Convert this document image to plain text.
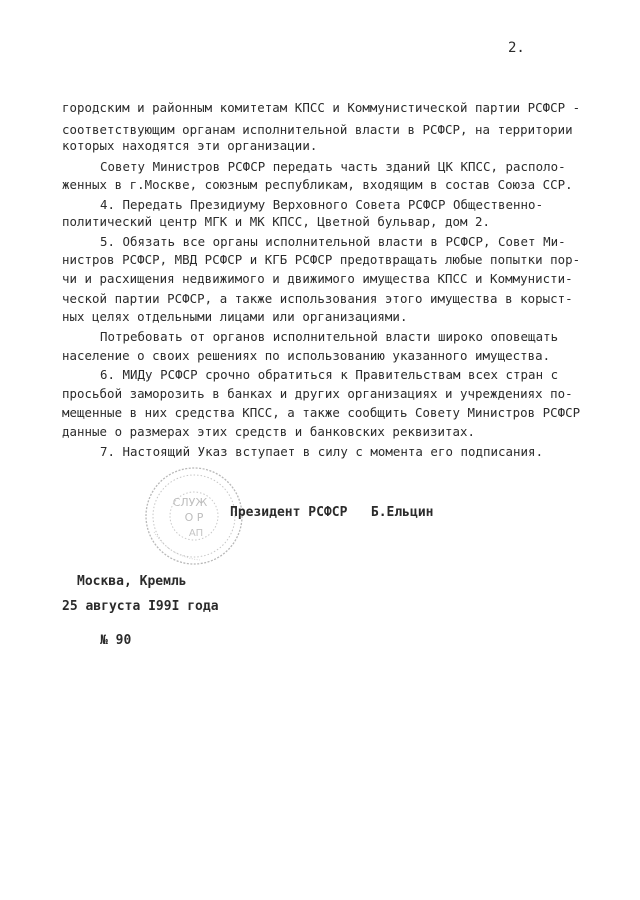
2.
городским и районным комитетам КПСС и Коммунистической партии РСФСР -
соответствующим органам исполнительной власти в РСФСР, на территории
которых находятся эти организации.
Совету Министров РСФСР передать часть зданий ЦК КПСС, располо-
женных в г.Москве, союзным республикам, входящим в состав Союза ССР.
4. Передать Президиуму Верховного Совета РСФСР Общественно-
политический центр МГК и МК КПСС, Цветной бульвар, дом 2.
5. Обязать все органы исполнительной власти в РСФСР, Совет Ми-
нистров РСФСР, МВД РСФСР и КГБ РСФСР предотвращать любые попытки пор-
чи и расхищения недвижимого и движимого имущества КПСС и Коммунисти-
ческой партии РСФСР, а также использования этого имущества в корыст-
ных целях отдельными лицами или организациями.
Потребовать от органов исполнительной власти широко оповещать
население о своих решениях по использованию указанного имущества.
6. МИДу РСФСР срочно обратиться к Правительствам всех стран с
просьбой заморозить в банках и других организациях и учреждениях по-
мещенные в них средства КПСС, а также сообщить Совету Министров РСФСР
данные о размерах этих средств и банковских реквизитах.
7. Настоящий Указ вступает в силу с момента его подписания.
СЛУЖ
О Р
АП
Президент РСФСР   Б.Ельцин
Москва, Кремль
25 августа I99I года
№ 90
